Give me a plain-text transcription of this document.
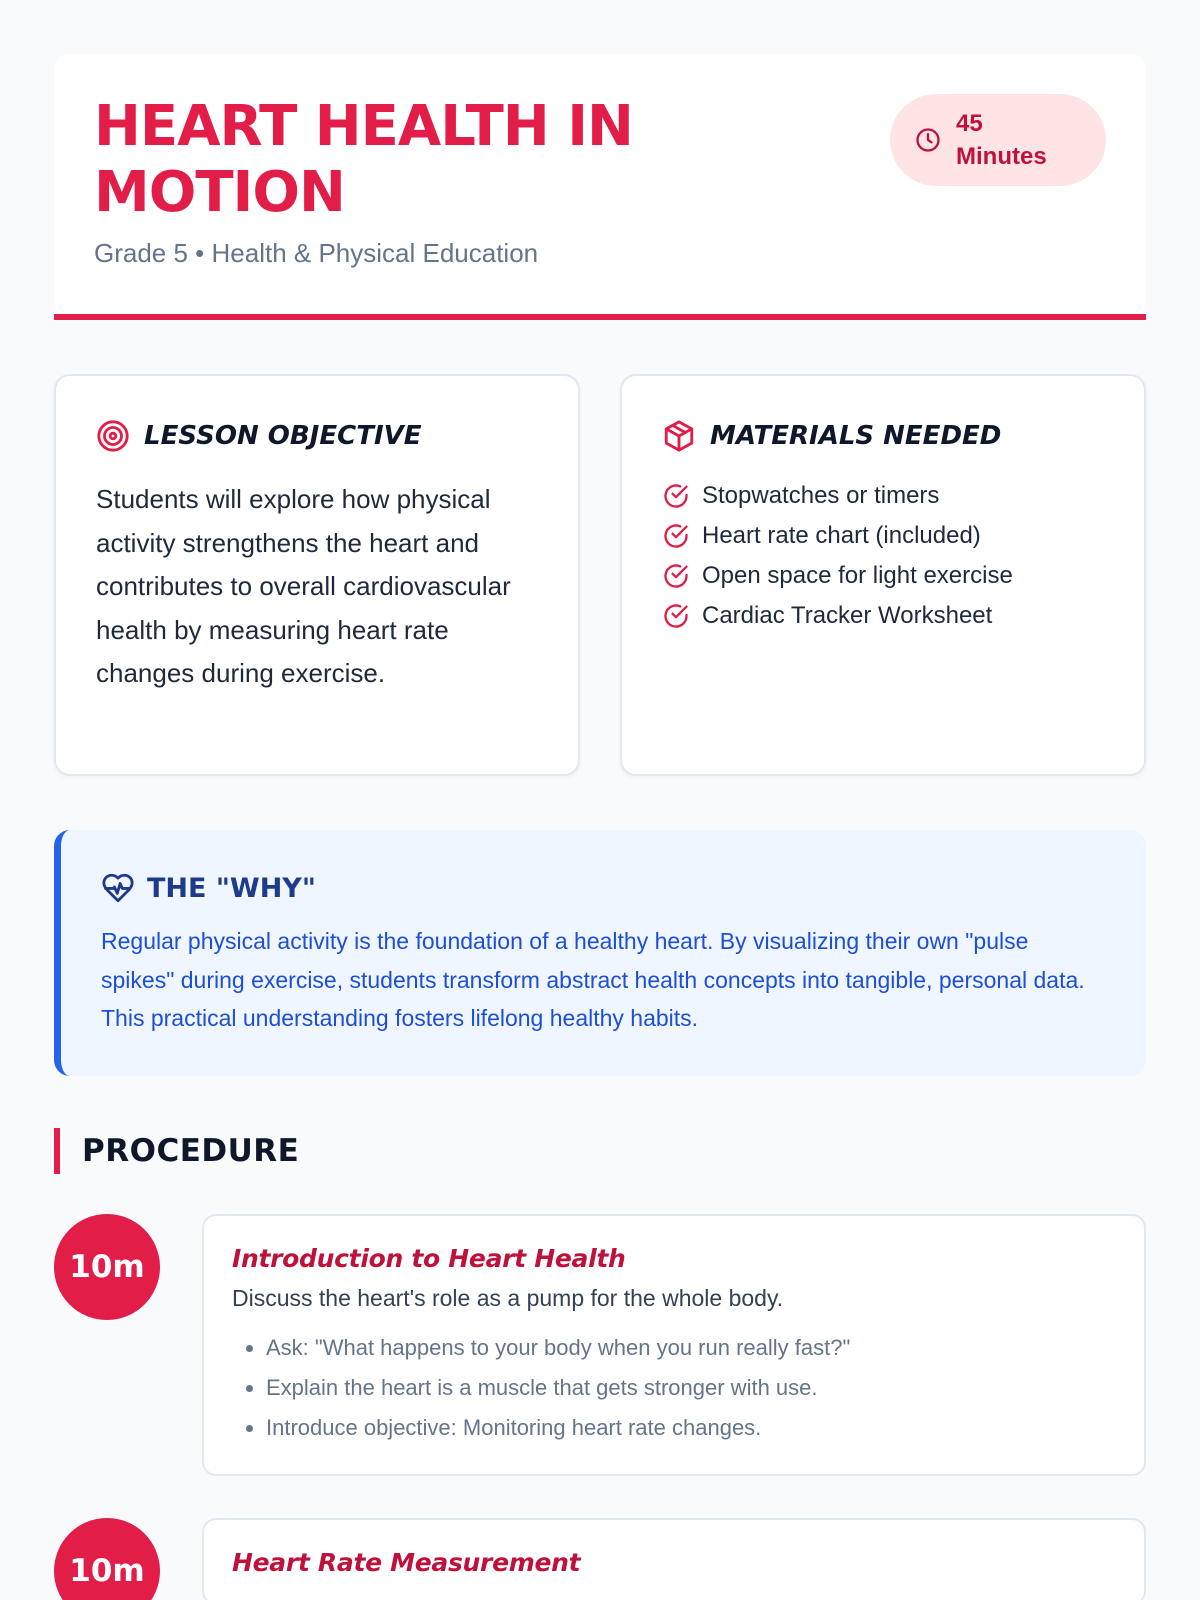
HEART HEALTH IN MOTION
Grade 5 • Health & Physical Education
45 Minutes
LESSON OBJECTIVE

Students will explore how physical activity strengthens the heart and contributes to overall cardiovascular health by measuring heart rate changes during exercise.

MATERIALS NEEDED
Stopwatches or timers
Heart rate chart (included)
Open space for light exercise
Cardiac Tracker Worksheet
THE "WHY"

Regular physical activity is the foundation of a healthy heart. By visualizing their own "pulse spikes" during exercise, students transform abstract health concepts into tangible, personal data. This practical understanding fosters lifelong healthy habits.

PROCEDURE
10m	Introduction to Heart Health
Discuss the heart's role as a pump for the whole body.
• Ask: "What happens to your body when you run really fast?"
• Explain the heart is a muscle that gets stronger with use.
• Introduce objective: Monitoring heart rate changes.
10m	Heart Rate Measurement
